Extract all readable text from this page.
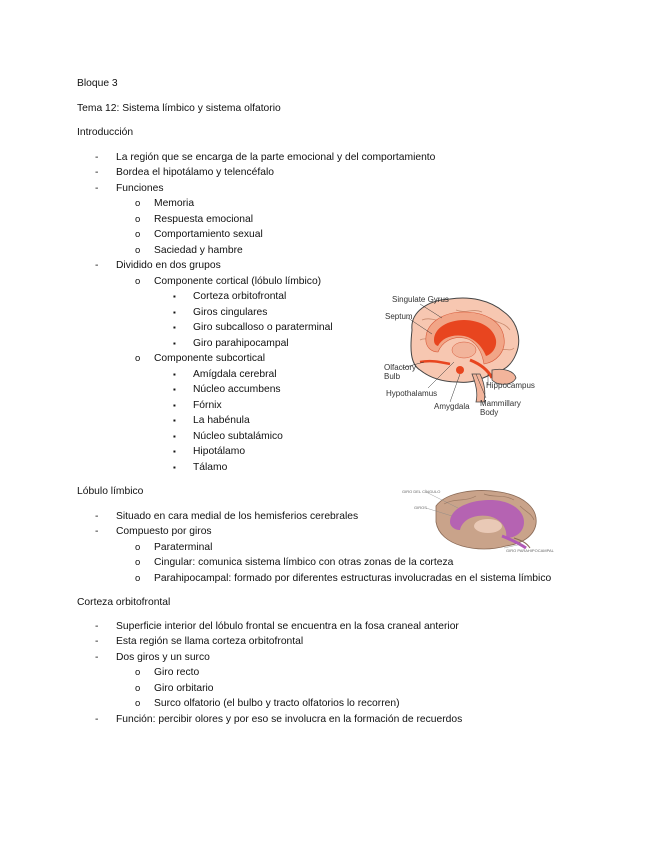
Bloque 3
Tema 12: Sistema límbico y sistema olfatorio
Introducción
- La región que se encarga de la parte emocional y del comportamiento
- Bordea el hipotálamo y telencéfalo
- Funciones
o Memoria
o Respuesta emocional
o Comportamiento sexual
o Saciedad y hambre
- Dividido en dos grupos
o Componente cortical (lóbulo límbico)
▪ Corteza orbitofrontal
▪ Giros cingulares
▪ Giro subcalloso o paraterminal
▪ Giro parahipocampal
o Componente subcortical
▪ Amígdala cerebral
▪ Núcleo accumbens
▪ Fórnix
▪ La habénula
▪ Núcleo subtalámico
▪ Hipotálamo
▪ Tálamo
Singulate Gyrus
Septum
Olfactory
Bulb
Hypothalamus
Amygdala Mammillary
Body
Hippocampus
Lóbulo límbico
- Situado en cara medial de los hemisferios cerebrales
- Compuesto por giros
o Paraterminal
o Cingular: comunica sistema límbico con otras zonas de la corteza
o Parahipocampal: formado por diferentes estructuras involucradas en el sistema límbico
GIRO DEL CÍNGULO
GIROS
GIRO PARAHIPOCAMPAL
Corteza orbitofrontal
- Superficie interior del lóbulo frontal se encuentra en la fosa craneal anterior
- Esta región se llama corteza orbitofrontal
- Dos giros y un surco
o Giro recto
o Giro orbitario
o Surco olfatorio (el bulbo y tracto olfatorios lo recorren)
- Función: percibir olores y por eso se involucra en la formación de recuerdos
